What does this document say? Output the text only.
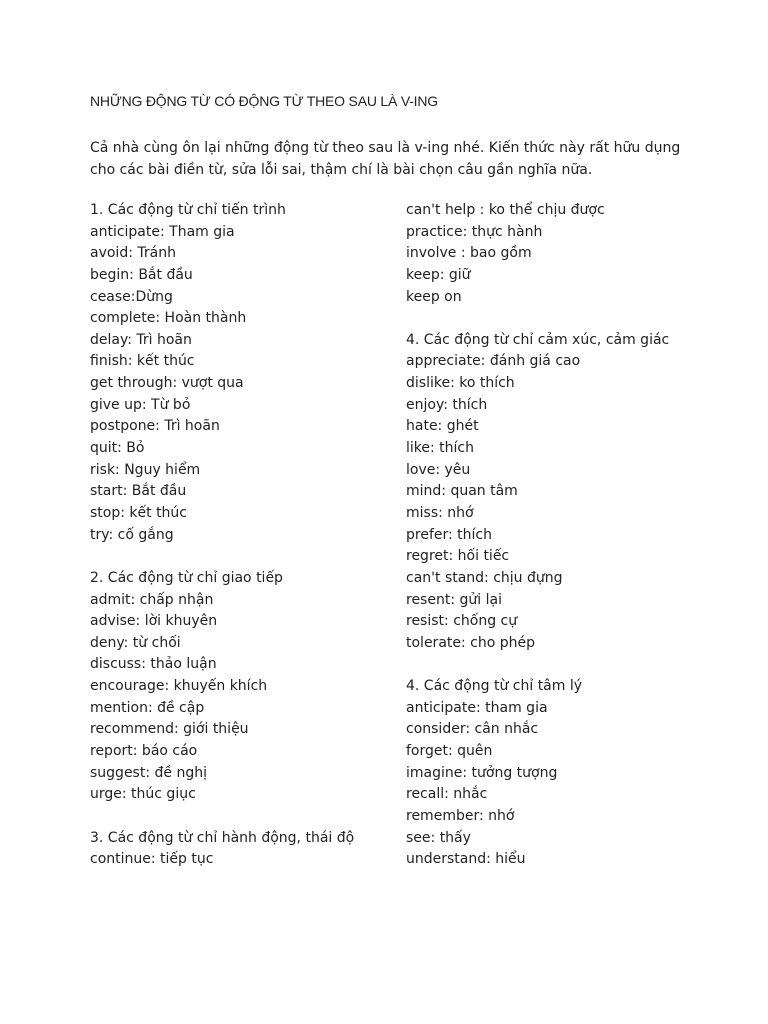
NHỮNG ĐỘNG TỪ CÓ ĐỘNG TỪ THEO SAU LÀ V-ING
Cả nhà cùng ôn lại những động từ theo sau là v-ing nhé. Kiến thức này rất hữu dụng
cho các bài điền từ, sửa lỗi sai, thậm chí là bài chọn câu gần nghĩa nữa.
1. Các động từ chỉ tiến trình
anticipate: Tham gia
avoid: Tránh
begin: Bắt đầu
cease:Dừng
complete: Hoàn thành
delay: Trì hoãn
finish: kết thúc
get through: vượt qua
give up: Từ bỏ
postpone: Trì hoãn
quit: Bỏ
risk: Nguy hiểm
start: Bắt đầu
stop: kết thúc
try: cố gắng
2. Các động từ chỉ giao tiếp
admit: chấp nhận
advise: lời khuyên
deny: từ chối
discuss: thảo luận
encourage: khuyến khích
mention: đề cập
recommend: giới thiệu
report: báo cáo
suggest: đề nghị
urge: thúc giục
3. Các động từ chỉ hành động, thái độ
continue: tiếp tục
can't help : ko thể chịu được
practice: thực hành
involve : bao gồm
keep: giữ
keep on
4. Các động từ chỉ cảm xúc, cảm giác
appreciate: đánh giá cao
dislike: ko thích
enjoy: thích
hate: ghét
like: thích
love: yêu
mind: quan tâm
miss: nhớ
prefer: thích
regret: hối tiếc
can't stand: chịu đựng
resent: gửi lại
resist: chống cự
tolerate: cho phép
4. Các động từ chỉ tâm lý
anticipate: tham gia
consider: cân nhắc
forget: quên
imagine: tưởng tượng
recall: nhắc
remember: nhớ
see: thấy
understand: hiểu
